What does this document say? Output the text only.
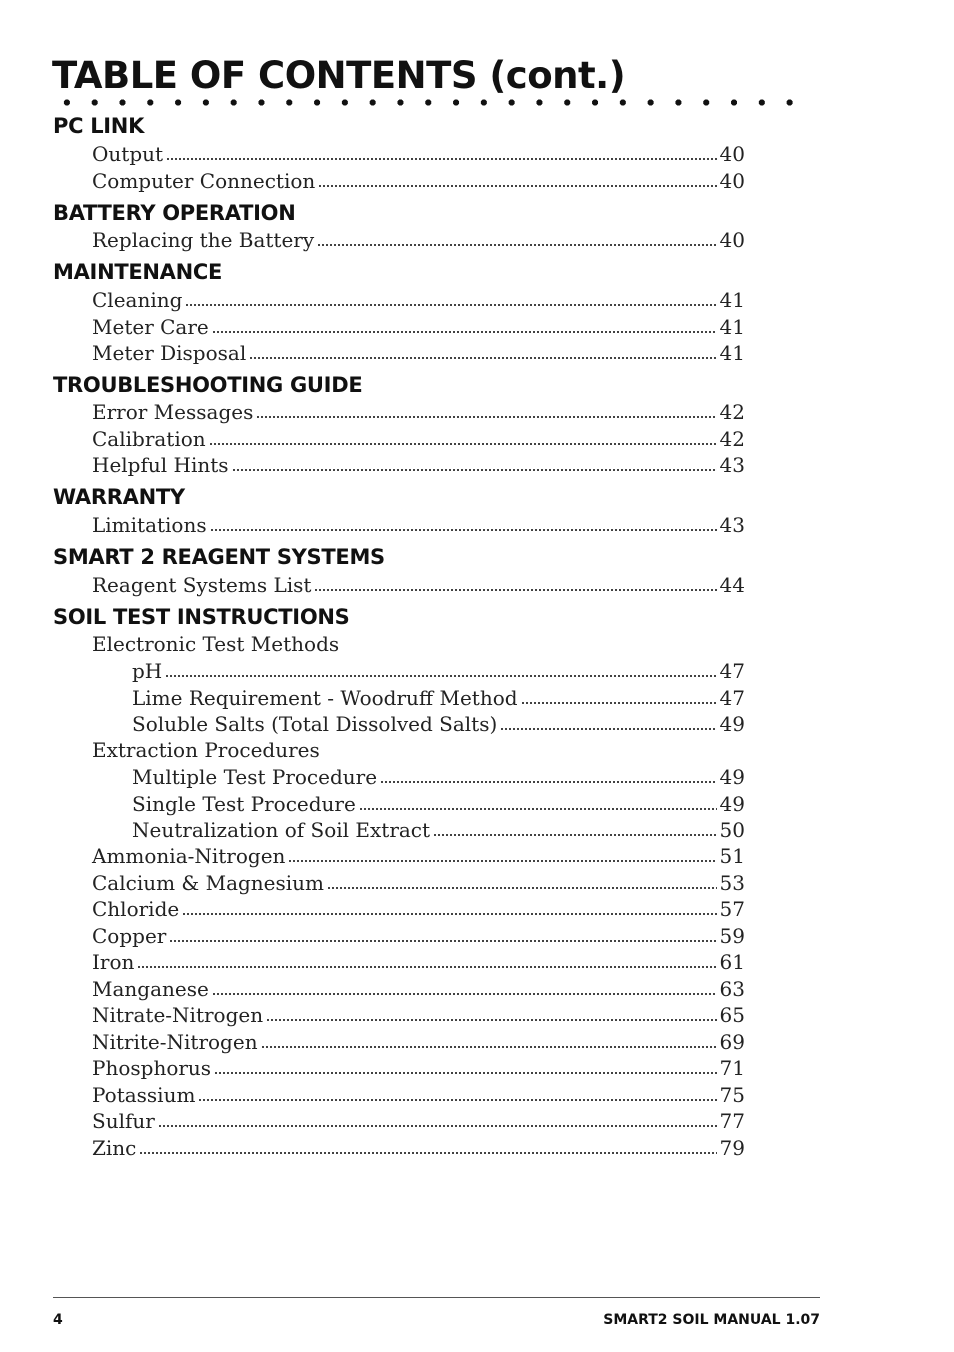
TABLE OF CONTENTS (cont.)
PC LINK
Output	40
Computer Connection	40
BATTERY OPERATION
Replacing the Battery	40
MAINTENANCE
Cleaning	41
Meter Care	41
Meter Disposal	41
TROUBLESHOOTING GUIDE
Error Messages	42
Calibration	42
Helpful Hints	43
WARRANTY
Limitations	43
SMART 2 REAGENT SYSTEMS
Reagent Systems List	44
SOIL TEST INSTRUCTIONS
Electronic Test Methods
pH	47
Lime Requirement - Woodruff Method	47
Soluble Salts (Total Dissolved Salts)	49
Extraction Procedures
Multiple Test Procedure	49
Single Test Procedure	49
Neutralization of Soil Extract	50
Ammonia-Nitrogen	51
Calcium & Magnesium	53
Chloride	57
Copper	59
Iron	61
Manganese	63
Nitrate-Nitrogen	65
Nitrite-Nitrogen	69
Phosphorus	71
Potassium	75
Sulfur	77
Zinc	79
4	SMART2 SOIL MANUAL 1.07
